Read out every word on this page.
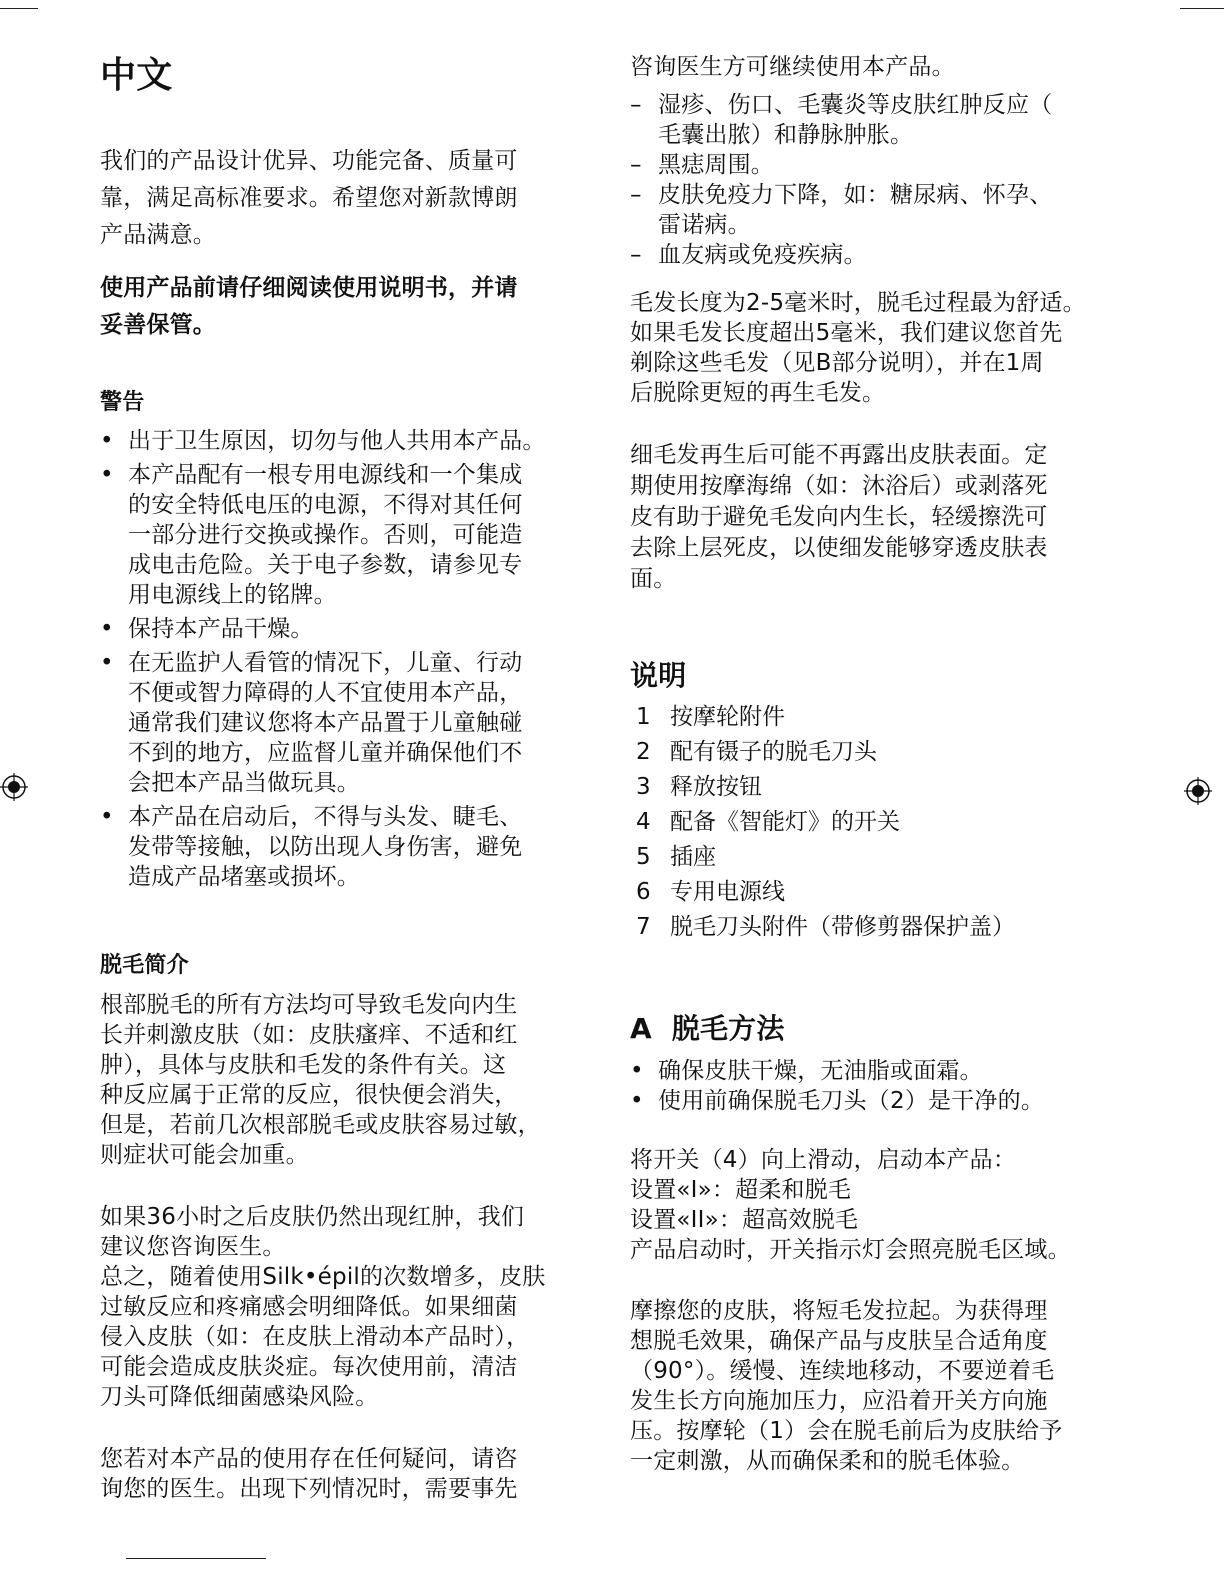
中文

我们的产品设计优异、功能完备、质量可

靠，满足高标准要求。希望您对新款博朗

产品满意。

使用产品前请仔细阅读使用说明书，并请

妥善保管。

警告
• 出于卫生原因，切勿与他人共用本产品。
• 本产品配有一根专用电源线和一个集成
的安全特低电压的电源，不得对其任何
一部分进行交换或操作。否则，可能造
成电击危险。关于电子参数，请参见专
用电源线上的铭牌。
• 保持本产品干燥。
• 在无监护人看管的情况下，儿童、行动
不便或智力障碍的人不宜使用本产品，
通常我们建议您将本产品置于儿童触碰
不到的地方，应监督儿童并确保他们不
会把本产品当做玩具。
• 本产品在启动后，不得与头发、睫毛、
发带等接触，以防出现人身伤害，避免
造成产品堵塞或损坏。
脱毛简介

根部脱毛的所有方法均可导致毛发向内生

长并刺激皮肤（如：皮肤瘙痒、不适和红

肿），具体与皮肤和毛发的条件有关。这

种反应属于正常的反应，很快便会消失，

但是，若前几次根部脱毛或皮肤容易过敏，

则症状可能会加重。

如果36小时之后皮肤仍然出现红肿，我们

建议您咨询医生。

总之，随着使用Silk•épil的次数增多，皮肤

过敏反应和疼痛感会明细降低。如果细菌

侵入皮肤（如：在皮肤上滑动本产品时），

可能会造成皮肤炎症。每次使用前，清洁

刀头可降低细菌感染风险。

您若对本产品的使用存在任何疑问，请咨

询您的医生。出现下列情况时，需要事先

咨询医生方可继续使用本产品。

– 湿疹、伤口、毛囊炎等皮肤红肿反应（
毛囊出脓）和静脉肿胀。
– 黑痣周围。
– 皮肤免疫力下降，如：糖尿病、怀孕、
雷诺病。
– 血友病或免疫疾病。

毛发长度为2-5毫米时，脱毛过程最为舒适。

如果毛发长度超出5毫米，我们建议您首先

剃除这些毛发（见B部分说明），并在1周

后脱除更短的再生毛发。

细毛发再生后可能不再露出皮肤表面。定

期使用按摩海绵（如：沐浴后）或剥落死

皮有助于避免毛发向内生长，轻缓擦洗可

去除上层死皮，以使细发能够穿透皮肤表

面。

说明
1 按摩轮附件
2 配有镊子的脱毛刀头
3 释放按钮
4 配备《智能灯》的开关
5 插座
6 专用电源线
7 脱毛刀头附件（带修剪器保护盖）
A  脱毛方法
• 确保皮肤干燥，无油脂或面霜。
• 使用前确保脱毛刀头（2）是干净的。

将开关（4）向上滑动，启动本产品：

设置«I»：超柔和脱毛

设置«II»：超高效脱毛

产品启动时，开关指示灯会照亮脱毛区域。

摩擦您的皮肤，将短毛发拉起。为获得理

想脱毛效果，确保产品与皮肤呈合适角度

（90°）。缓慢、连续地移动，不要逆着毛

发生长方向施加压力，应沿着开关方向施

压。按摩轮（1）会在脱毛前后为皮肤给予

一定刺激，从而确保柔和的脱毛体验。
